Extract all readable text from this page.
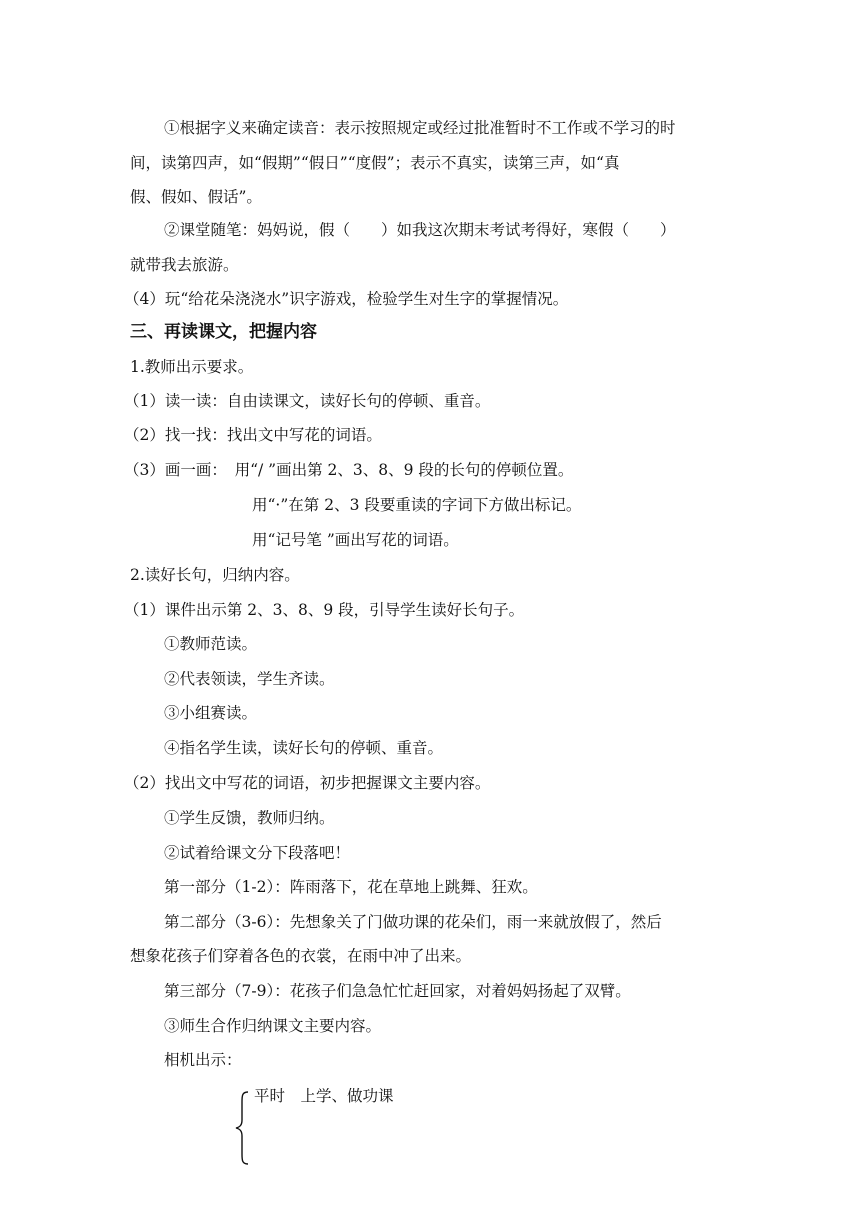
①根据字义来确定读音：表示按照规定或经过批准暂时不工作或不学习的时
间，读第四声，如“假期”“假日”“度假”；表示不真实，读第三声，如“真
假、假如、假话”。
②课堂随笔：妈妈说，假（　　）如我这次期末考试考得好，寒假（　　）
就带我去旅游。
（4）玩“给花朵浇浇水”识字游戏，检验学生对生字的掌握情况。
三、再读课文，把握内容
1.教师出示要求。
（1）读一读：自由读课文，读好长句的停顿、重音。
（2）找一找：找出文中写花的词语。
（3）画一画：　用“/ ”画出第 2、3、8、9 段的长句的停顿位置。
用“·”在第 2、3 段要重读的字词下方做出标记。
用“记号笔 ”画出写花的词语。
2.读好长句，归纳内容。
（1）课件出示第 2、3、8、9 段，引导学生读好长句子。
①教师范读。
②代表领读，学生齐读。
③小组赛读。
④指名学生读，读好长句的停顿、重音。
（2）找出文中写花的词语，初步把握课文主要内容。
①学生反馈，教师归纳。
②试着给课文分下段落吧！
第一部分（1-2）：阵雨落下，花在草地上跳舞、狂欢。
第二部分（3-6）：先想象关了门做功课的花朵们，雨一来就放假了，然后
想象花孩子们穿着各色的衣裳，在雨中冲了出来。
第三部分（7-9）：花孩子们急急忙忙赶回家，对着妈妈扬起了双臂。
③师生合作归纳课文主要内容。
相机出示：
平时　上学、做功课
